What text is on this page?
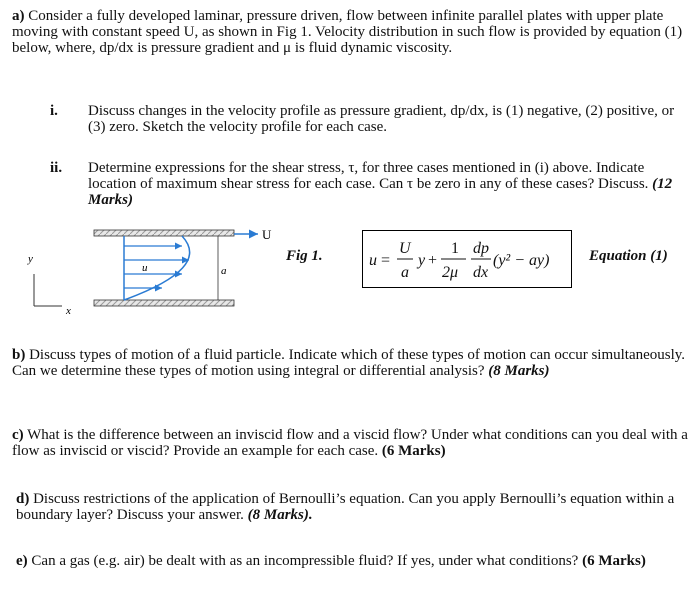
a) Consider a fully developed laminar, pressure driven, flow between infinite parallel plates with upper plate moving with constant speed U, as shown in Fig 1. Velocity distribution in such flow is provided by equation (1) below, where, dp/dx is pressure gradient and μ is fluid dynamic viscosity.
i. Discuss changes in the velocity profile as pressure gradient, dp/dx, is (1) negative, (2) positive, or (3) zero. Sketch the velocity profile for each case.
ii. Determine expressions for the shear stress, τ, for three cases mentioned in (i) above. Indicate location of maximum shear stress for each case. Can τ be zero in any of these cases? Discuss. (12 Marks)
U
u	a
y
x
Fig 1.	u =
U
a
y +
1
2μ
dp
dx
(y² − ay)	Equation (1)
b) Discuss types of motion of a fluid particle. Indicate which of these types of motion can occur simultaneously. Can we determine these types of motion using integral or differential analysis? (8 Marks)
c) What is the difference between an inviscid flow and a viscid flow? Under what conditions can you deal with a flow as inviscid or viscid? Provide an example for each case. (6 Marks)
d) Discuss restrictions of the application of Bernoulli’s equation. Can you apply Bernoulli’s equation within a boundary layer? Discuss your answer. (8 Marks).
e) Can a gas (e.g. air) be dealt with as an incompressible fluid? If yes, under what conditions? (6 Marks)
